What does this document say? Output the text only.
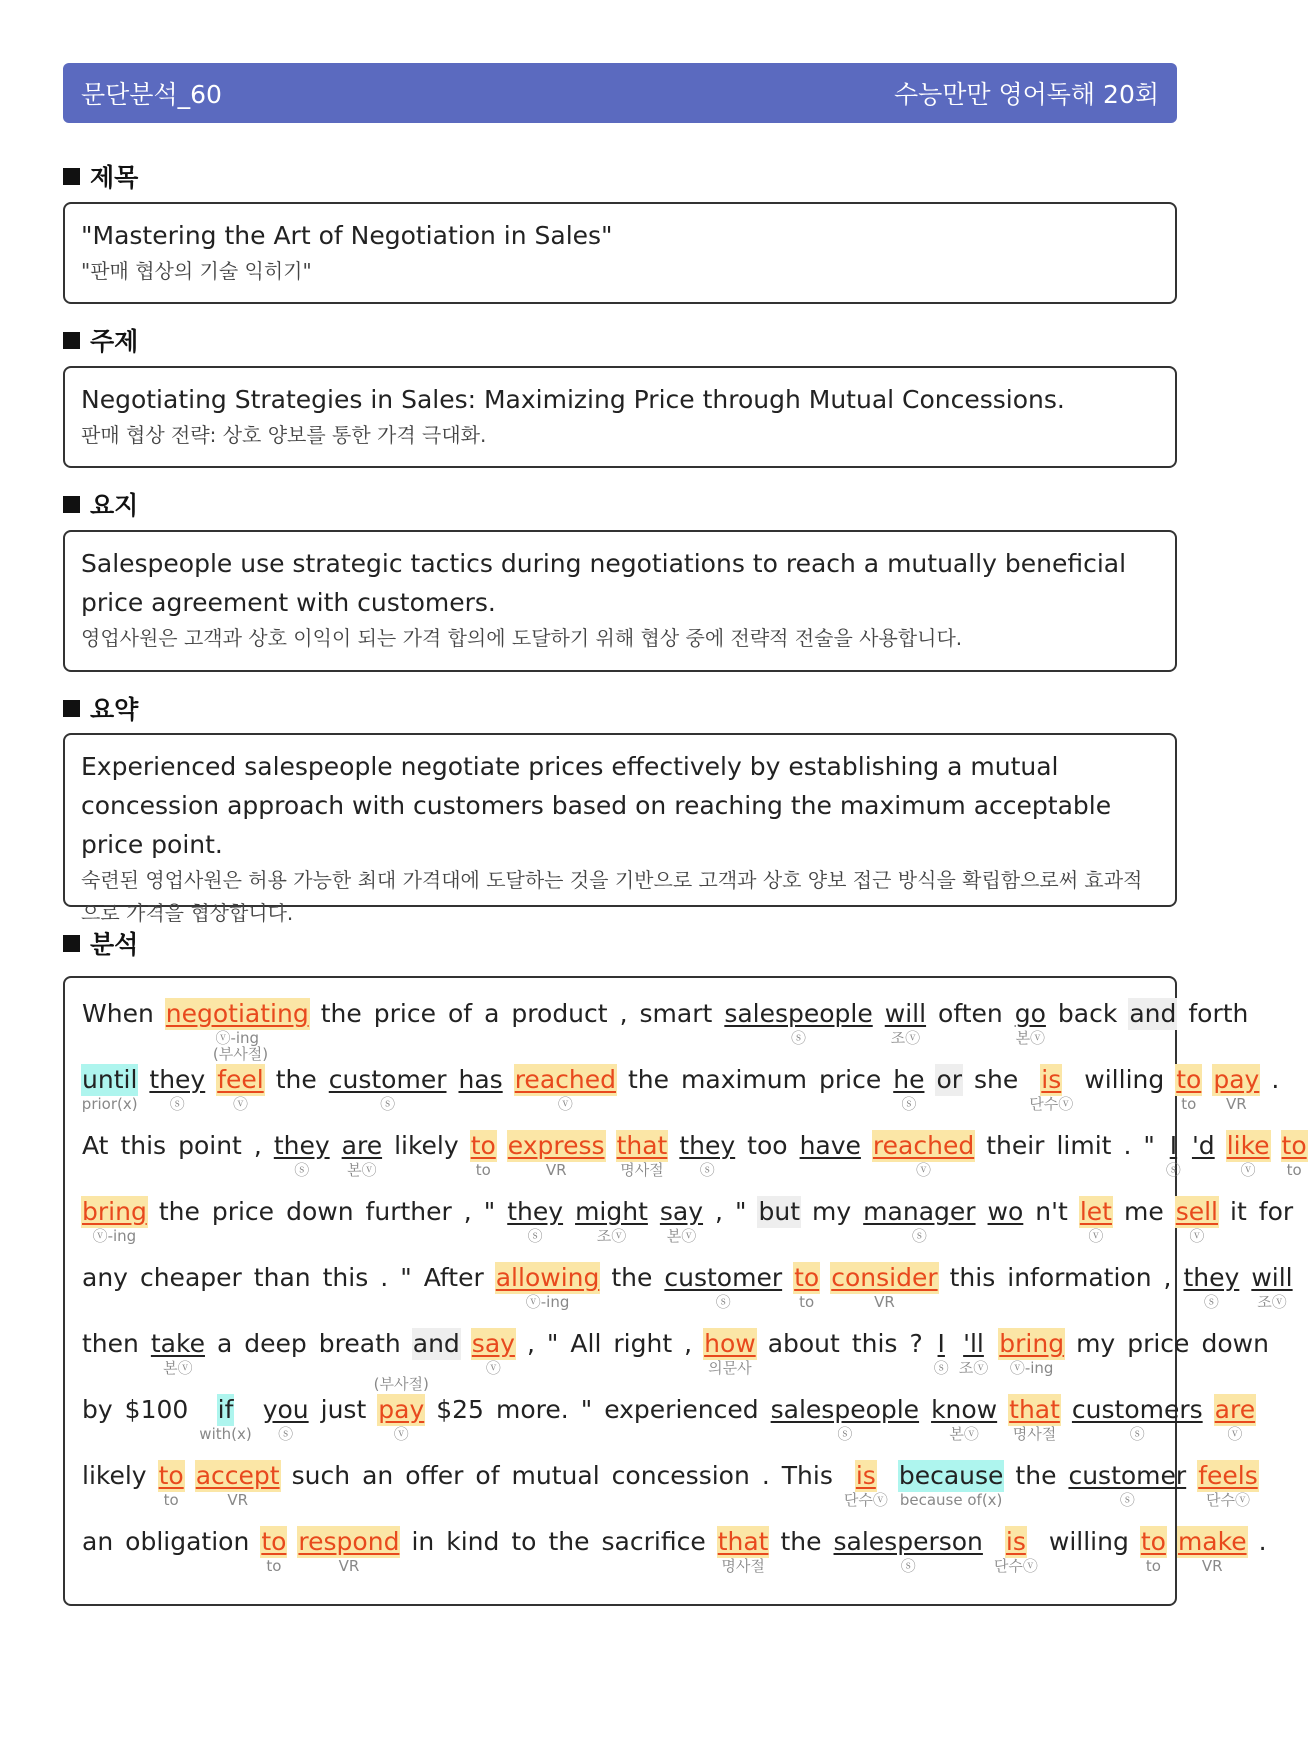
문단분석_60	수능만만 영어독해 20회
제목
"Mastering the Art of Negotiation in Sales"
"판매 협상의 기술 익히기"
주제
Negotiating Strategies in Sales: Maximizing Price through Mutual Concessions.
판매 협상 전략: 상호 양보를 통한 가격 극대화.
요지
Salespeople use strategic tactics during negotiations to reach a mutually beneficial price agreement with customers.
영업사원은 고객과 상호 이익이 되는 가격 합의에 도달하기 위해 협상 중에 전략적 전술을 사용합니다.
요약
Experienced salespeople negotiate prices effectively by establishing a mutual concession approach with customers based on reaching the maximum acceptable price point.
숙련된 영업사원은 허용 가능한 최대 가격대에 도달하는 것을 기반으로 고객과 상호 양보 접근 방식을 확립함으로써 효과적으로 가격을 협상합니다.
분석
When negotiating
ⓥ-ing
the price of a product , smart salespeople
ⓢ
will
조ⓥ
often go
본ⓥ
back and forth
until
prior(x)
they
ⓢ
(부사절)
feel
ⓥ
the customer
ⓢ
has reached
ⓥ
the maximum price he
ⓢ
or she is
단수ⓥ
willing to
to
pay
VR
.
At this point , they
ⓢ
are
본ⓥ
likely to
to
express
VR
that
명사절
they
ⓢ
too have reached
ⓥ
their limit . " I
ⓢ
'd like
ⓥ
to
to
bring
ⓥ-ing
the price down further , " they
ⓢ
might
조ⓥ
say
본ⓥ
, " but my manager
ⓢ
wo n't let
ⓥ
me sell
ⓥ
it for
any cheaper than this . " After allowing
ⓥ-ing
the customer
ⓢ
to
to
consider
VR
this information , they
ⓢ
will
조ⓥ
then take
본ⓥ
a deep breath and say
ⓥ
, " All right , how
의문사
about this ? I
ⓢ
'll
조ⓥ
bring
ⓥ-ing
my price down
by $100 if
with(x)
you
ⓢ
just
(부사절)
pay
ⓥ
$25 more. " experienced salespeople
ⓢ
know
본ⓥ
that
명사절
customers
ⓢ
are
ⓥ
likely to
to
accept
VR
such an offer of mutual concession . This is
단수ⓥ
because
because of(x)
the customer
ⓢ
feels
단수ⓥ
an obligation to
to
respond
VR
in kind to the sacrifice that
명사절
the salesperson
ⓢ
is
단수ⓥ
willing to
to
make
VR
.
